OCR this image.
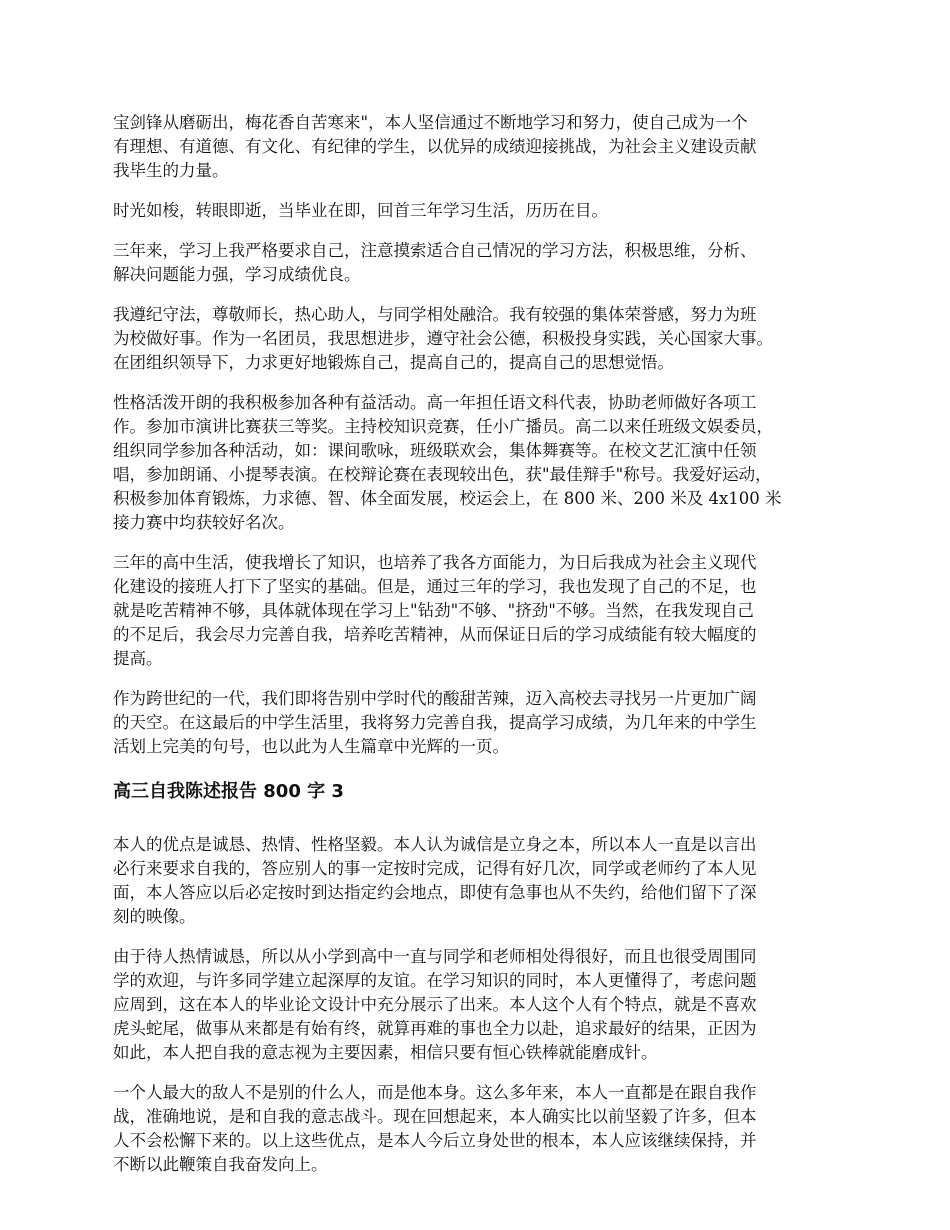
宝剑锋从磨砺出，梅花香自苦寒来"，本人坚信通过不断地学习和努力，使自己成为一个
有理想、有道德、有文化、有纪律的学生，以优异的成绩迎接挑战，为社会主义建设贡献
我毕生的力量。

时光如梭，转眼即逝，当毕业在即，回首三年学习生活，历历在目。

三年来，学习上我严格要求自己，注意摸索适合自己情况的学习方法，积极思维，分析、
解决问题能力强，学习成绩优良。

我遵纪守法，尊敬师长，热心助人，与同学相处融洽。我有较强的集体荣誉感，努力为班
为校做好事。作为一名团员，我思想进步，遵守社会公德，积极投身实践，关心国家大事。
在团组织领导下，力求更好地锻炼自己，提高自己的，提高自己的思想觉悟。

性格活泼开朗的我积极参加各种有益活动。高一年担任语文科代表，协助老师做好各项工
作。参加市演讲比赛获三等奖。主持校知识竞赛，任小广播员。高二以来任班级文娱委员，
组织同学参加各种活动，如：课间歌咏，班级联欢会，集体舞赛等。在校文艺汇演中任领
唱，参加朗诵、小提琴表演。在校辩论赛在表现较出色，获"最佳辩手"称号。我爱好运动，
积极参加体育锻炼，力求德、智、体全面发展，校运会上，在 800 米、200 米及 4x100 米
接力赛中均获较好名次。

三年的高中生活，使我增长了知识，也培养了我各方面能力，为日后我成为社会主义现代
化建设的接班人打下了坚实的基础。但是，通过三年的学习，我也发现了自己的不足，也
就是吃苦精神不够，具体就体现在学习上"钻劲"不够、"挤劲"不够。当然，在我发现自己
的不足后，我会尽力完善自我，培养吃苦精神，从而保证日后的学习成绩能有较大幅度的
提高。

作为跨世纪的一代，我们即将告别中学时代的酸甜苦辣，迈入高校去寻找另一片更加广阔
的天空。在这最后的中学生活里，我将努力完善自我，提高学习成绩，为几年来的中学生
活划上完美的句号，也以此为人生篇章中光辉的一页。

高三自我陈述报告 800 字 3

本人的优点是诚恳、热情、性格坚毅。本人认为诚信是立身之本，所以本人一直是以言出
必行来要求自我的，答应别人的事一定按时完成，记得有好几次，同学或老师约了本人见
面，本人答应以后必定按时到达指定约会地点，即使有急事也从不失约，给他们留下了深
刻的映像。

由于待人热情诚恳，所以从小学到高中一直与同学和老师相处得很好，而且也很受周围同
学的欢迎，与许多同学建立起深厚的友谊。在学习知识的同时，本人更懂得了，考虑问题
应周到，这在本人的毕业论文设计中充分展示了出来。本人这个人有个特点，就是不喜欢
虎头蛇尾，做事从来都是有始有终，就算再难的事也全力以赴，追求最好的结果，正因为
如此，本人把自我的意志视为主要因素，相信只要有恒心铁棒就能磨成针。

一个人最大的敌人不是别的什么人，而是他本身。这么多年来，本人一直都是在跟自我作
战，准确地说，是和自我的意志战斗。现在回想起来，本人确实比以前坚毅了许多，但本
人不会松懈下来的。以上这些优点，是本人今后立身处世的根本，本人应该继续保持，并
不断以此鞭策自我奋发向上。
